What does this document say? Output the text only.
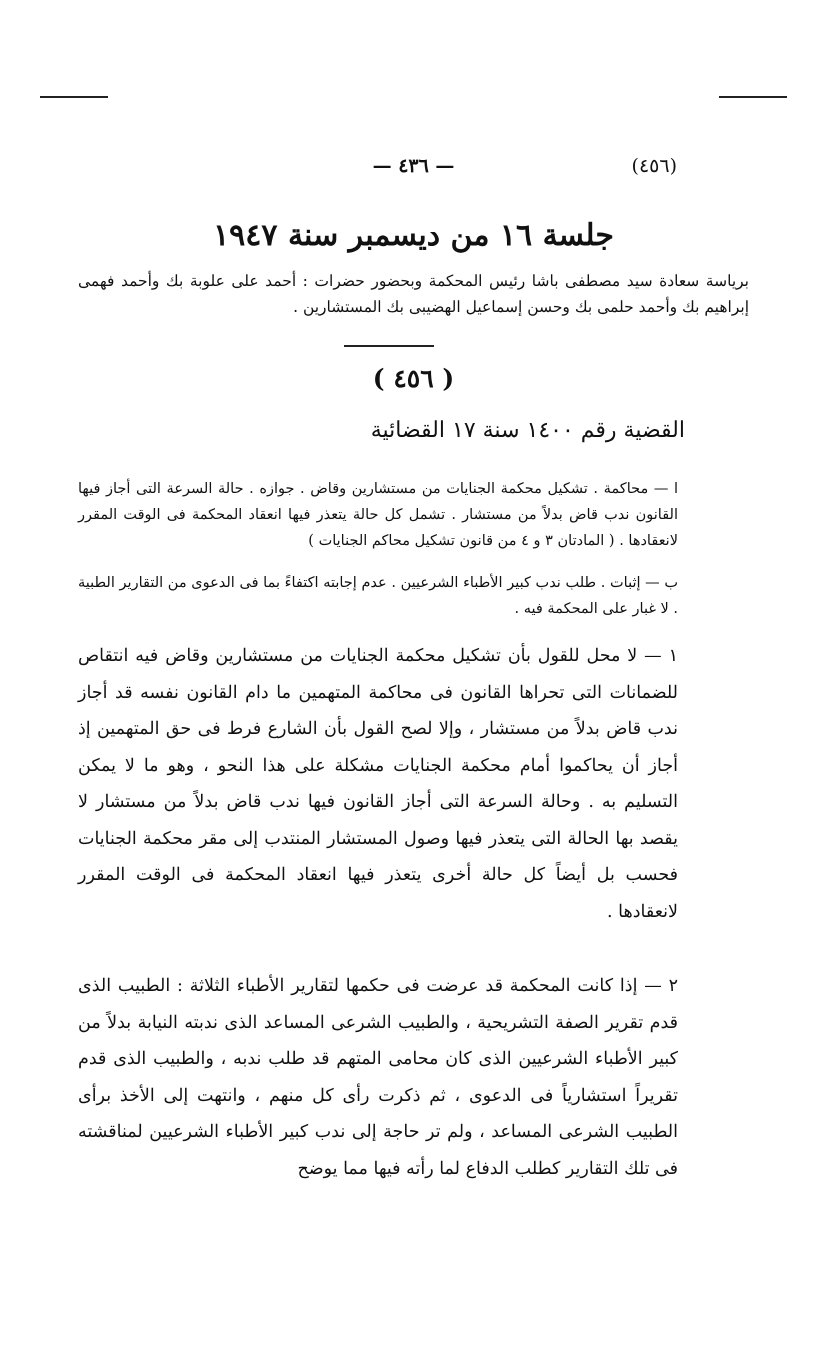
— ٤٣٦ —	(٤٥٦)
جلسة ١٦ من ديسمبر سنة ١٩٤٧
برياسة سعادة سيد مصطفى باشا رئيس المحكمة وبحضور حضرات : أحمد على علوبة بك وأحمد فهمى إبراهيم بك وأحمد حلمى بك وحسن إسماعيل الهضيبى بك المستشارين .
( ٤٥٦ )
القضية رقم ١٤٠٠ سنة ١٧ القضائية
ا — محاكمة . تشكيل محكمة الجنايات من مستشارين وقاض . جوازه . حالة السرعة التى أجاز فيها القانون ندب قاض بدلاً من مستشار . تشمل كل حالة يتعذر فيها انعقاد المحكمة فى الوقت المقرر لانعقادها . ( المادتان ٣ و ٤ من قانون تشكيل محاكم الجنايات )
ب — إثبات . طلب ندب كبير الأطباء الشرعيين . عدم إجابته اكتفاءً بما فى الدعوى من التقارير الطبية . لا غبار على المحكمة فيه .
١ — لا محل للقول بأن تشكيل محكمة الجنايات من مستشارين وقاض فيه انتقاص للضمانات التى تحراها القانون فى محاكمة المتهمين ما دام القانون نفسه قد أجاز ندب قاض بدلاً من مستشار ، وإلا لصح القول بأن الشارع فرط فى حق المتهمين إذ أجاز أن يحاكموا أمام محكمة الجنايات مشكلة على هذا النحو ، وهو ما لا يمكن التسليم به . وحالة السرعة التى أجاز القانون فيها ندب قاض بدلاً من مستشار لا يقصد بها الحالة التى يتعذر فيها وصول المستشار المنتدب إلى مقر محكمة الجنايات فحسب بل أيضاً كل حالة أخرى يتعذر فيها انعقاد المحكمة فى الوقت المقرر لانعقادها .
٢ — إذا كانت المحكمة قد عرضت فى حكمها لتقارير الأطباء الثلاثة : الطبيب الذى قدم تقرير الصفة التشريحية ، والطبيب الشرعى المساعد الذى ندبته النيابة بدلاً من كبير الأطباء الشرعيين الذى كان محامى المتهم قد طلب ندبه ، والطبيب الذى قدم تقريراً استشارياً فى الدعوى ، ثم ذكرت رأى كل منهم ، وانتهت إلى الأخذ برأى الطبيب الشرعى المساعد ، ولم تر حاجة إلى ندب كبير الأطباء الشرعيين لمناقشته فى تلك التقارير كطلب الدفاع لما رأته فيها مما يوضح
